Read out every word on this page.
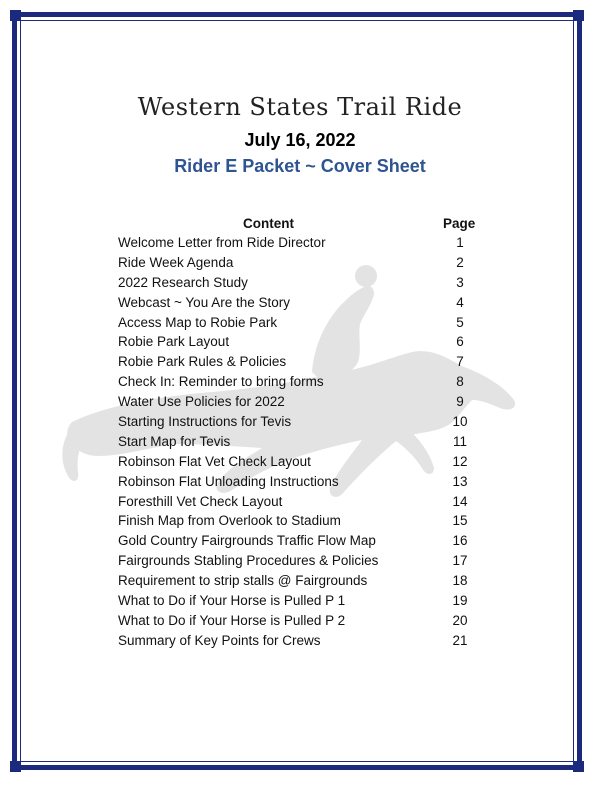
Western States Trail Ride
July 16, 2022
Rider E Packet ~ Cover Sheet
Content	Page
Welcome Letter from Ride Director	1
Ride Week Agenda	2
2022 Research Study	3
Webcast ~ You Are the Story	4
Access Map to Robie Park	5
Robie Park Layout	6
Robie Park Rules & Policies	7
Check In: Reminder to bring forms	8
Water Use Policies for 2022	9
Starting Instructions for Tevis	10
Start Map for Tevis	11
Robinson Flat Vet Check Layout	12
Robinson Flat Unloading Instructions	13
Foresthill Vet Check Layout	14
Finish Map from Overlook to Stadium	15
Gold Country Fairgrounds Traffic Flow Map	16
Fairgrounds Stabling Procedures & Policies	17
Requirement to strip stalls @ Fairgrounds	18
What to Do if Your Horse is Pulled P 1	19
What to Do if Your Horse is Pulled P 2	20
Summary of Key Points for Crews	21
